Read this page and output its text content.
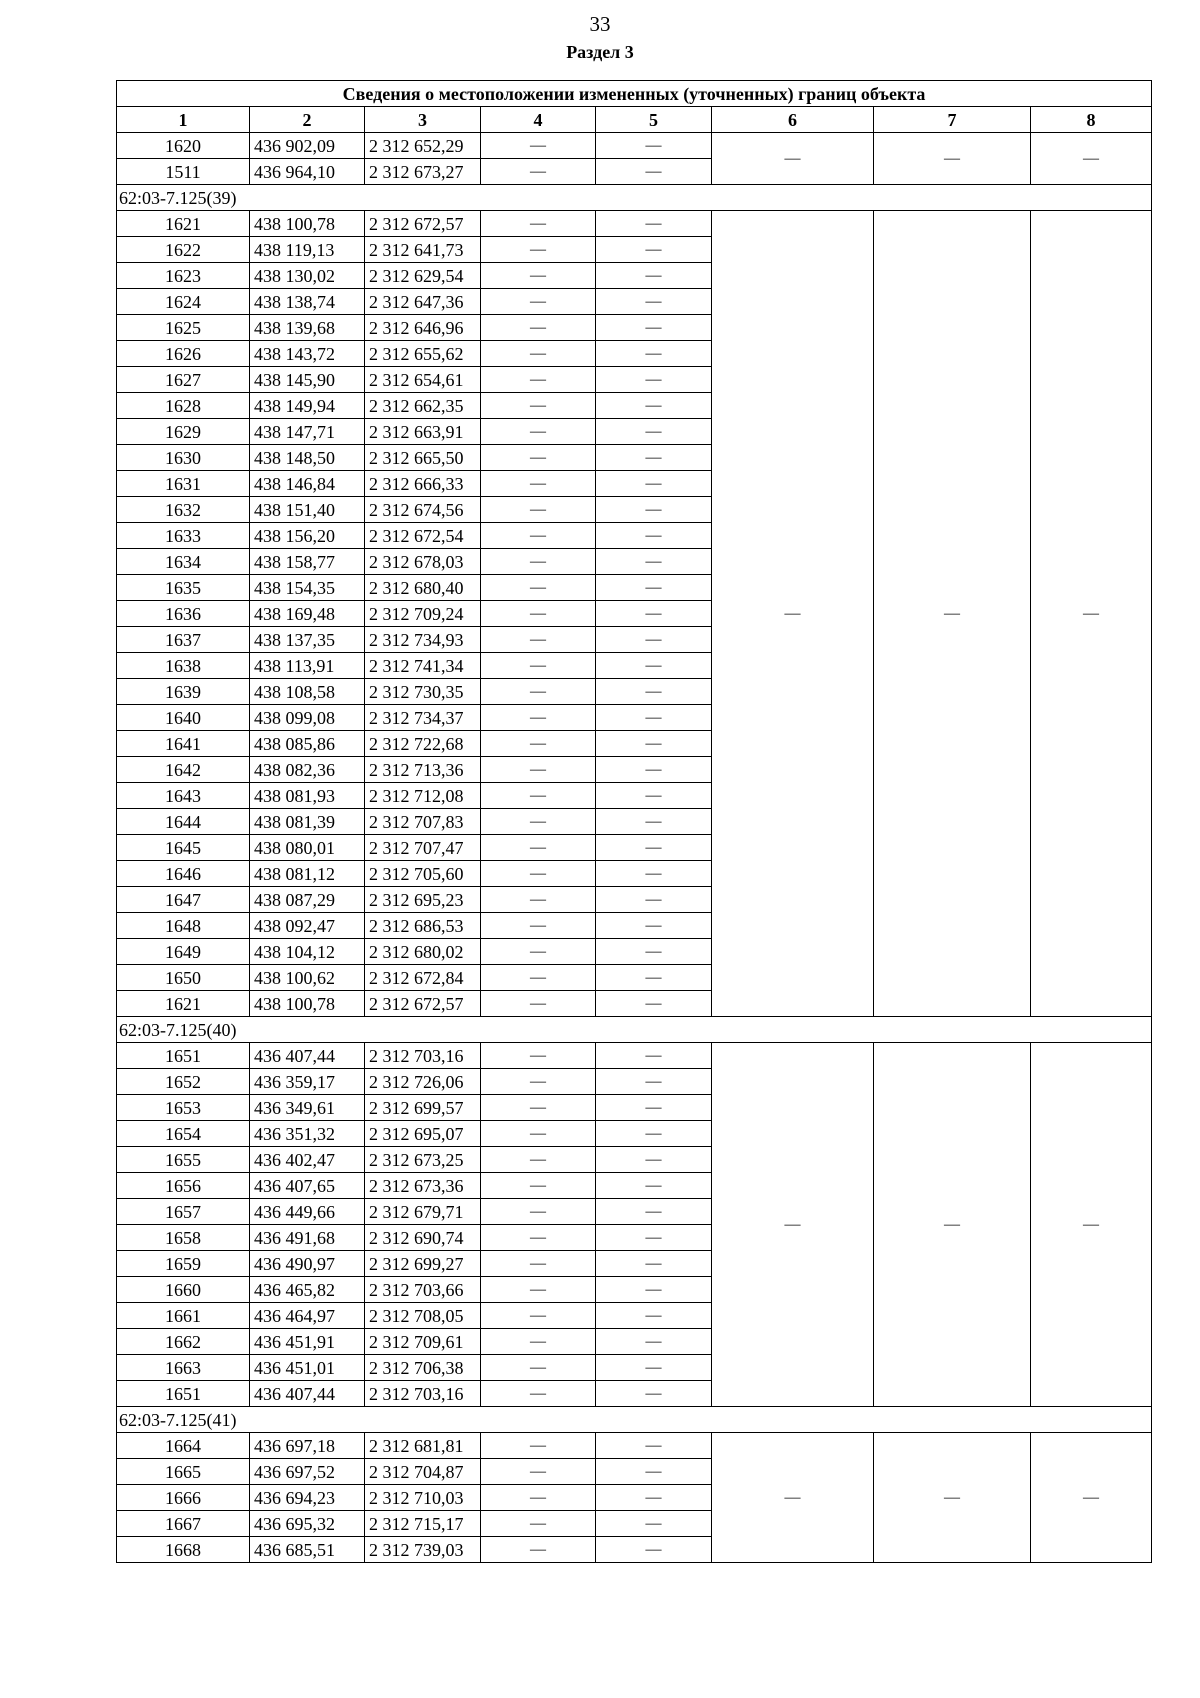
33
Раздел 3
Сведения о местоположении измененных (уточненных) границ объекта							
1	2	3	4	5	6	7	8
1620	436 902,09	2 312 652,29	—	—	—	—	—
1511	436 964,10	2 312 673,27	—	—			
62:03-7.125(39)							
1621	438 100,78	2 312 672,57	—	—	—	—	—
1622	438 119,13	2 312 641,73	—	—			
1623	438 130,02	2 312 629,54	—	—			
1624	438 138,74	2 312 647,36	—	—			
1625	438 139,68	2 312 646,96	—	—			
1626	438 143,72	2 312 655,62	—	—			
1627	438 145,90	2 312 654,61	—	—			
1628	438 149,94	2 312 662,35	—	—			
1629	438 147,71	2 312 663,91	—	—			
1630	438 148,50	2 312 665,50	—	—			
1631	438 146,84	2 312 666,33	—	—			
1632	438 151,40	2 312 674,56	—	—			
1633	438 156,20	2 312 672,54	—	—			
1634	438 158,77	2 312 678,03	—	—			
1635	438 154,35	2 312 680,40	—	—			
1636	438 169,48	2 312 709,24	—	—			
1637	438 137,35	2 312 734,93	—	—			
1638	438 113,91	2 312 741,34	—	—			
1639	438 108,58	2 312 730,35	—	—			
1640	438 099,08	2 312 734,37	—	—			
1641	438 085,86	2 312 722,68	—	—			
1642	438 082,36	2 312 713,36	—	—			
1643	438 081,93	2 312 712,08	—	—			
1644	438 081,39	2 312 707,83	—	—			
1645	438 080,01	2 312 707,47	—	—			
1646	438 081,12	2 312 705,60	—	—			
1647	438 087,29	2 312 695,23	—	—			
1648	438 092,47	2 312 686,53	—	—			
1649	438 104,12	2 312 680,02	—	—			
1650	438 100,62	2 312 672,84	—	—			
1621	438 100,78	2 312 672,57	—	—			
62:03-7.125(40)							
1651	436 407,44	2 312 703,16	—	—	—	—	—
1652	436 359,17	2 312 726,06	—	—			
1653	436 349,61	2 312 699,57	—	—			
1654	436 351,32	2 312 695,07	—	—			
1655	436 402,47	2 312 673,25	—	—			
1656	436 407,65	2 312 673,36	—	—			
1657	436 449,66	2 312 679,71	—	—			
1658	436 491,68	2 312 690,74	—	—			
1659	436 490,97	2 312 699,27	—	—			
1660	436 465,82	2 312 703,66	—	—			
1661	436 464,97	2 312 708,05	—	—			
1662	436 451,91	2 312 709,61	—	—			
1663	436 451,01	2 312 706,38	—	—			
1651	436 407,44	2 312 703,16	—	—			
62:03-7.125(41)							
1664	436 697,18	2 312 681,81	—	—	—	—	—
1665	436 697,52	2 312 704,87	—	—			
1666	436 694,23	2 312 710,03	—	—			
1667	436 695,32	2 312 715,17	—	—			
1668	436 685,51	2 312 739,03	—	—			
